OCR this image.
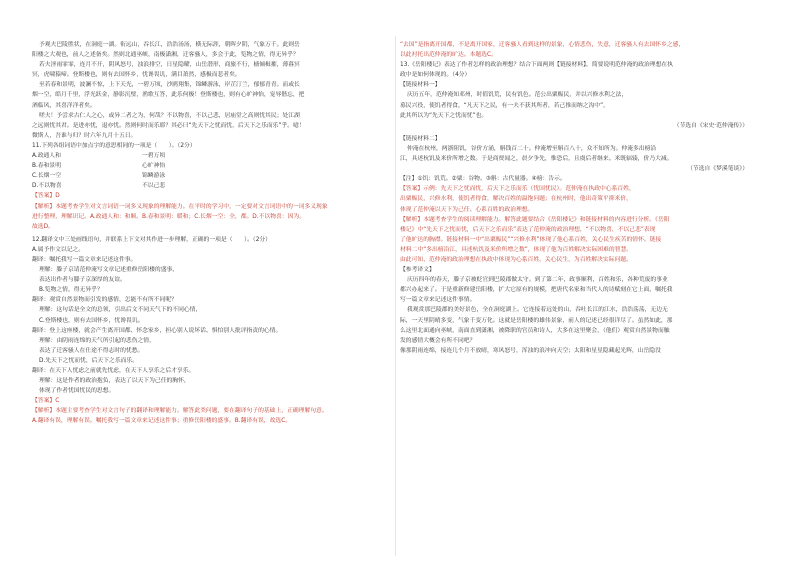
予观夫巴陵胜状，在洞庭一湖。衔远山，吞长江，浩浩汤汤，横无际涯，朝晖夕阴，气象万千。此则岳

阳楼之大观也，前人之述备矣。然则北通巫峡，南极潇湘，迁客骚人，多会于此，览物之情，得无异乎？

若夫淫雨霏霏，连月不开，阴风怒号，浊浪排空，日星隐曜，山岳潜形，商旅不行，樯倾楫摧，薄暮冥

冥，虎啸猿啼。登斯楼也，则有去国怀乡，忧谗畏讥，满目萧然，感极而悲者矣。

至若春和景明，波澜不惊，上下天光，一碧万顷，沙鸥翔集，锦鳞游泳，岸芷汀兰，郁郁青青。而或长

烟一空，皓月千里，浮光跃金，静影沉璧，渔歌互答，此乐何极！登斯楼也，则有心旷神怡，宠辱偕忘，把

酒临风，其喜洋洋者矣。

嗟夫！予尝求古仁人之心，或异二者之为，何哉？不以物喜，不以己悲，居庙堂之高则忧其民；处江湖

之远则忧其君。是进亦忧，退亦忧。然则何时而乐耶？其必曰“先天下之忧而忧，后天下之乐而乐”乎。噫！

微斯人，吾谁与归？时六年九月十五日。

11.下列各组词语中加点字的意思相同的一项是（　　）。（2分）

A.政通人和	一碧万顷
B.春和景明	心旷神怡
C.长烟一空	锦鳞游泳
D.不以物喜	不以己悲

【答案】D

【解析】本题考查学生对文言词语一词多义现象的理解能力。在平时的学习中，一定要对文言词语中的一词多义现象

进行整理，理解识记。A.政通人和：和顺。B.春和景明：暖和；C.长烟一空：全，都。D.不以物喜：因为。

故选D。

12.翻译文中三处画线语句，并联系上下文对其作进一步理解，正确的一项是（　　）。（2分）

A.属予作文以记之。

翻译：嘱托我写一篇文章来记述这件事。

理解：滕子京请范仲淹写文章记述重修岳阳楼的盛事，

表达出作者与滕子京深厚的友谊。

B.览物之情，得无异乎？

翻译：观赏自然景物而引发的感情，怎能不有所不同呢？

理解：这句话是全文的总领，引出后文不同天气下的不同心情，

C.登斯楼也，则有去国怀乡，忧谗畏讥。

翻译：登上这座楼，就会产生离开国都、怀念家乡，担心别人说坏话、惧怕别人批评指责的心情。

理解：由阴雨连绵的天气所引起的悲伤之情，

表达了迁客骚人在仕途不得志时的忧愁。

D.先天下之忧而忧，后天下之乐而乐。

翻译：在天下人忧虑之前就先忧虑，在天下人享乐之后才享乐。

理解：这是作者的政治抱负，表达了以天下为己任的胸怀，

体现了作者忧国忧民的思想。

【答案】C

【解析】本题主要考查学生对文言句子的翻译和理解能力。解答此类问题，要在翻译句子的基础上，正确理解句意。

A.翻译有误，理解有误。嘱托我写一篇文章来记述这件事；重修岳阳楼的盛事。B.翻译有误，故选C。

“去国”是指离开国都，不是离开国家，迁客骚人看到这样的景象，心情悲伤，失意，迁客骚人有去国怀乡之感，

以此衬托出范仲淹的旷达。本题选C。

13.《岳阳楼记》表达了作者怎样的政治理想？结合下面两则【链接材料】，简要说明范仲淹的政治理想在执

政中是如何体现的。（4分）

【链接材料一】

庆历五年，范仲淹知邓州，时值饥荒，民有饥色。范公出粟赈民，并以兴修水利之法，

募民兴役，使饥者得食，“凡天下之民，有一夫不获其所者，若己推而纳之沟中”，

此其所以为“先天下之忧而忧”也。

（节选自《宋史·范仲淹传》）

【链接材料二】

仲淹在杭州，两浙阻饥，谷价方涌，斛钱百二十。仲淹增至斛百八十，众不知所为。仲淹多出榜沿

江，具述杭饥及米价所增之数。于是商贾闻之，晨夕争先，惟恐后，且虞后者继来。米既辐辏，价乃大减。

（节选自《梦溪笔谈》）

【注】①饥：饥荒。②粟：谷物。③斛：古代量器。④榜：告示。

【答案】示例：先天下之忧而忧，后天下之乐而乐（忧国忧民）。范仲淹在执政中心系百姓，

出粟赈民，兴修水利，使饥者得食，解决百姓的温饱问题；在杭州时，他出奇策平抑米价，

体现了范仲淹以天下为己任、心系百姓的政治理想。

【解析】本题考查学生的阅读理解能力。解答此题要结合《岳阳楼记》和链接材料的内容进行分析。《岳阳

楼记》中“先天下之忧而忧，后天下之乐而乐”表达了范仲淹的政治理想，“不以物喜，不以己悲”表现

了他旷达的胸襟。链接材料一中“出粟赈民”“兴修水利”体现了他心系百姓，关心民生疾苦的情怀。链接

材料二中“多出榜沿江，具述杭饥及米价所增之数”，体现了他为百姓解决实际困难的智慧。

由此可知，范仲淹的政治理想在执政中体现为心系百姓，关心民生，为百姓解决实际问题。

【参考译文】

庆历四年的春天，滕子京被贬官到巴陵郡做太守。到了第二年，政事顺利，百姓和乐，各种荒废的事业

都兴办起来了。于是重新修建岳阳楼，扩大它原有的规模，把唐代名家和当代人的诗赋刻在它上面，嘱托我

写一篇文章来记述这件事情。

我观赏那巴陵郡的美好景色，全在洞庭湖上。它连接着远处的山，吞吐长江的江水，浩浩荡荡，无边无

际，一天里阴晴多变，气象千变万化。这就是岳阳楼的雄伟景象，前人的记述已经很详尽了。虽然如此，那

么这里北面通向巫峡，南面直到潇湘，被降职的官员和诗人，大多在这里聚会，（他们）观赏自然景物而触

发的感情大概会有所不同吧？

像那阴雨连绵，接连几个月不放晴，寒风怒号，浑浊的浪冲向天空；太阳和星星隐藏起光辉，山岳隐没
